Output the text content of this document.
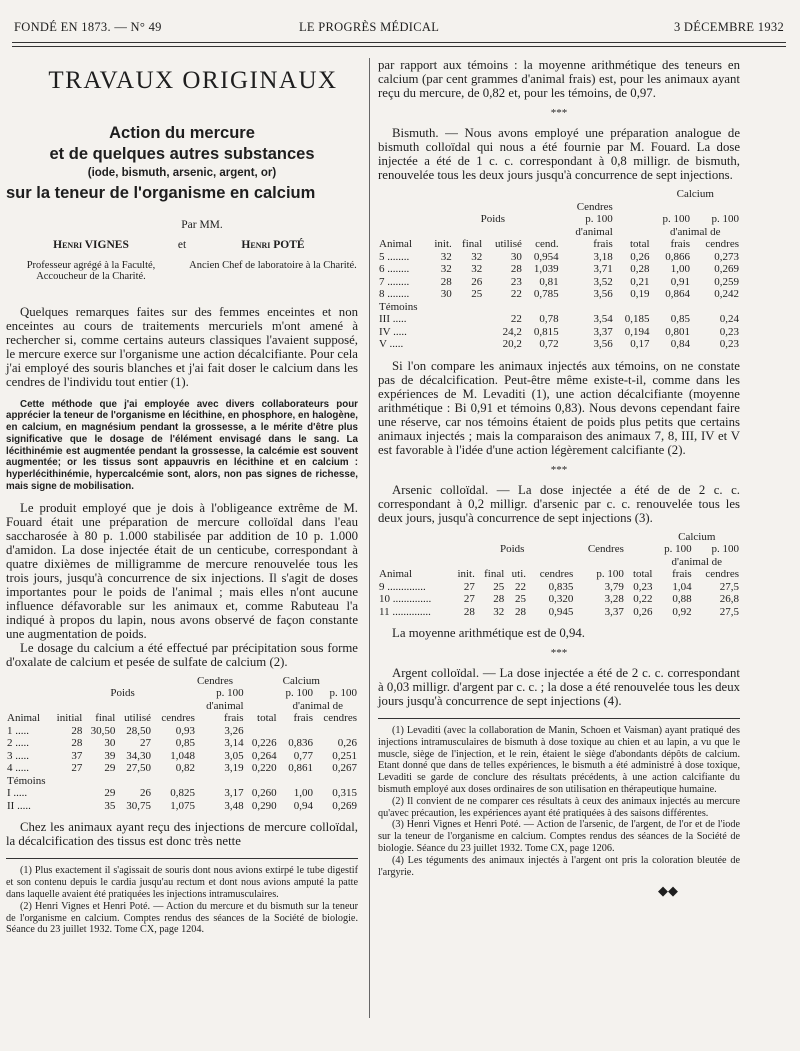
FONDÉ EN 1873. — N° 49	LE PROGRÈS MÉDICAL	3 DÉCEMBRE 1932
TRAVAUX ORIGINAUX
Action du mercure
et de quelques autres substances
(iode, bismuth, arsenic, argent, or)
sur la teneur de l'organisme en calcium
Par MM.
Henri VIGNES
Professeur agrégé à la Faculté, Accoucheur de la Charité.
et	Henri POTÉ
Ancien Chef de laboratoire à la Charité.

Quelques remarques faites sur des femmes enceintes et non enceintes au cours de traitements mercuriels m'ont amené à rechercher si, comme certains auteurs classiques l'avaient supposé, le mercure exerce sur l'organisme une action décalcifiante. Pour cela j'ai employé des souris blanches et j'ai fait doser le calcium dans les cendres de l'individu tout entier (1).

Cette méthode que j'ai employée avec divers collaborateurs pour apprécier la teneur de l'organisme en lécithine, en phosphore, en halogène, en calcium, en magnésium pendant la grossesse, a le mérite d'être plus significative que le dosage de l'élément envisagé dans le sang. La lécithinémie est augmentée pendant la grossesse, la calcémie est souvent augmentée; or les tissus sont appauvris en lécithine et en calcium : hyperlécithinémie, hypercalcémie sont, alors, non pas signes de richesse, mais signe de mobilisation.

Le produit employé que je dois à l'obligeance extrême de M. Fouard était une préparation de mercure colloïdal dans l'eau saccharosée à 80 p. 1.000 stabilisée par addition de 10 p. 1.000 d'amidon. La dose injectée était de un centicube, correspondant à quatre dixièmes de milligramme de mercure renouvelée tous les trois jours, jusqu'à concurrence de six injections. Il s'agit de doses importantes pour le poids de l'animal ; mais elles n'ont aucune influence défavorable sur les animaux et, comme Rabuteau l'a indiqué à propos du lapin, nous avons observé de façon constante une augmentation de poids.

Le dosage du calcium a été effectué par précipitation sous forme d'oxalate de calcium et pesée de sulfate de calcium (2).

					Cendres	Calcium		
	Poids				p. 100		p. 100	p. 100
					d'animal		d'animal de	
Animal	initial	final	utilisé	cendres	frais	total	frais	cendres
1 .....	28	30,50	28,50	0,93	3,26			
2 .....	28	30	27	0,85	3,14	0,226	0,836	0,26
3 .....	37	39	34,30	1,048	3,05	0,264	0,77	0,251
4 .....	27	29	27,50	0,82	3,19	0,220	0,861	0,267
Témoins								
I .....		29	26	0,825	3,17	0,260	1,00	0,315
II .....		35	30,75	1,075	3,48	0,290	0,94	0,269

Chez les animaux ayant reçu des injections de mercure colloïdal, la décalcification des tissus est donc très nette

(1) Plus exactement il s'agissait de souris dont nous avions extirpé le tube digestif et son contenu depuis le cardia jusqu'au rectum et dont nous avions amputé la patte dans laquelle avaient été pratiquées les injections intramusculaires.

(2) Henri Vignes et Henri Poté. — Action du mercure et du bismuth sur la teneur de l'organisme en calcium. Comptes rendus des séances de la Société de biologie. Séance du 23 juillet 1932. Tome CX, page 1204.

par rapport aux témoins : la moyenne arithmétique des teneurs en calcium (par cent grammes d'animal frais) est, pour les animaux ayant reçu du mercure, de 0,82 et, pour les témoins, de 0,97.

***

Bismuth. — Nous avons employé une préparation analogue de bismuth colloïdal qui nous a été fournie par M. Fouard. La dose injectée a été de 1 c. c. correspondant à 0,8 milligr. de bismuth, renouvelée tous les deux jours jusqu'à concurrence de sept injections.

							Calcium	
					Cendres			
	Poids				p. 100		p. 100	p. 100
					d'animal		d'animal de	
Animal	init.	final	utilisé	cend.	frais	total	frais	cendres
5 ........	32	32	30	0,954	3,18	0,26	0,866	0,273
6 ........	32	32	28	1,039	3,71	0,28	1,00	0,269
7 ........	28	26	23	0,81	3,52	0,21	0,91	0,259
8 ........	30	25	22	0,785	3,56	0,19	0,864	0,242
Témoins								
III .....			22	0,78	3,54	0,185	0,85	0,24
IV .....			24,2	0,815	3,37	0,194	0,801	0,23
V .....			20,2	0,72	3,56	0,17	0,84	0,23

Si l'on compare les animaux injectés aux témoins, on ne constate pas de décalcification. Peut-être même existe-t-il, comme dans les expériences de M. Levaditi (1), une action décalcifiante (moyenne arithmétique : Bi 0,91 et témoins 0,83). Nous devons cependant faire une réserve, car nos témoins étaient de poids plus petits que certains animaux injectés ; mais la comparaison des animaux 7, 8, III, IV et V est favorable à l'idée d'une action légèrement calcifiante (2).

***

Arsenic colloïdal. — La dose injectée a été de de 2 c. c. correspondant à 0,2 milligr. d'arsenic par c. c. renouvelée tous les deux jours, jusqu'à concurrence de sept injections (3).

							Calcium	
	Poids				Cendres		p. 100	p. 100
							d'animal de	
Animal	init.	final	uti.	cendres	p. 100	total	frais	cendres
9 ..............	27	25	22	0,835	3,79	0,23	1,04	27,5
10 ..............	27	28	25	0,320	3,28	0,22	0,88	26,8
11 ..............	28	32	28	0,945	3,37	0,26	0,92	27,5

La moyenne arithmétique est de 0,94.

***

Argent colloïdal. — La dose injectée a été de 2 c. c. correspondant à 0,03 milligr. d'argent par c. c. ; la dose a été renouvelée tous les deux jours jusqu'à concurrence de sept injections (4).

(1) Levaditi (avec la collaboration de Manin, Schoen et Vaisman) ayant pratiqué des injections intramusculaires de bismuth à dose toxique au chien et au lapin, a vu que le muscle, siège de l'injection, et le rein, étaient le siège d'abondants dépôts de calcium. Etant donné que dans de telles expériences, le bismuth a été administré à dose toxique, Levaditi se garde de conclure des résultats précédents, à une action calcifiante du bismuth employé aux doses ordinaires de son utilisation en thérapeutique humaine.

(2) Il convient de ne comparer ces résultats à ceux des animaux injectés au mercure qu'avec précaution, les expériences ayant été pratiquées à des saisons différentes.

(3) Henri Vignes et Henri Poté. — Action de l'arsenic, de l'argent, de l'or et de l'iode sur la teneur de l'organisme en calcium. Comptes rendus des séances de la Société de biologie. Séance du 23 juillet 1932. Tome CX, page 1206.

(4) Les téguments des animaux injectés à l'argent ont pris la coloration bleutée de l'argyrie.

◆◆
